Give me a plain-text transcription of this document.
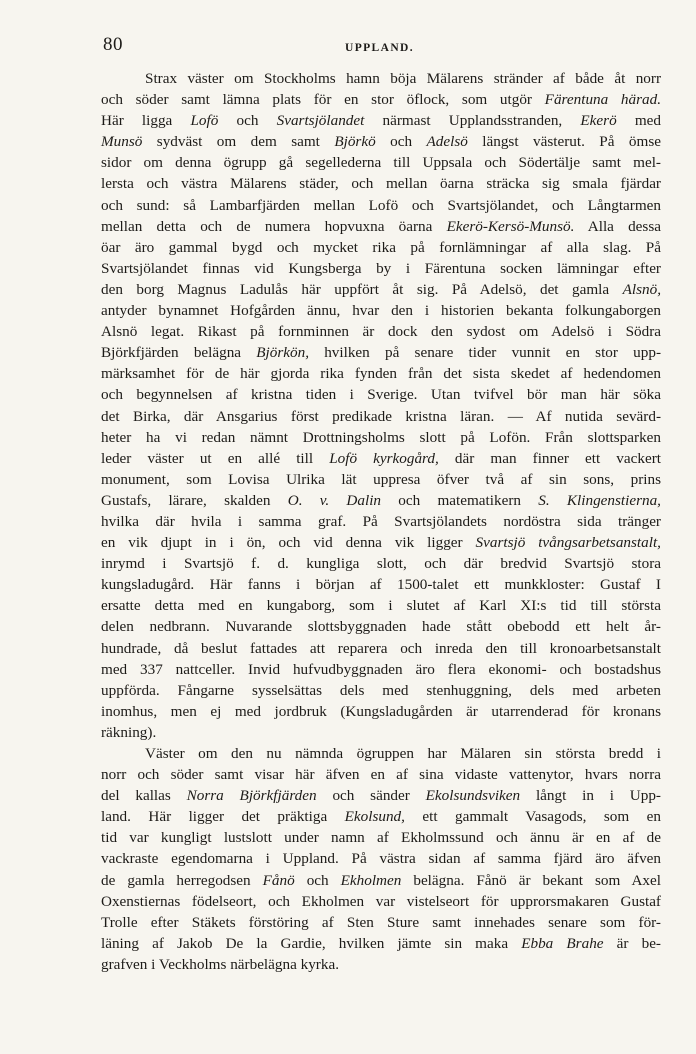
80	UPPLAND.
Strax väster om Stockholms hamn böja Mälarens stränder af både åt norr
och söder samt lämna plats för en stor öflock, som utgör Färentuna härad.
Här ligga Lofö och Svartsjölandet närmast Upplandsstranden, Ekerö med
Munsö sydväst om dem samt Björkö och Adelsö längst västerut. På ömse
sidor om denna ögrupp gå segellederna till Uppsala och Södertälje samt mel-
lersta och västra Mälarens städer, och mellan öarna sträcka sig smala fjärdar
och sund: så Lambarfjärden mellan Lofö och Svartsjölandet, och Långtarmen
mellan detta och de numera hopvuxna öarna Ekerö-Kersö-Munsö. Alla dessa
öar äro gammal bygd och mycket rika på fornlämningar af alla slag. På
Svartsjölandet finnas vid Kungsberga by i Färentuna socken lämningar efter
den borg Magnus Ladulås här uppfört åt sig. På Adelsö, det gamla Alsnö,
antyder bynamnet Hofgården ännu, hvar den i historien bekanta folkungaborgen
Alsnö legat. Rikast på fornminnen är dock den sydost om Adelsö i Södra
Björkfjärden belägna Björkön, hvilken på senare tider vunnit en stor upp-
märksamhet för de här gjorda rika fynden från det sista skedet af hedendomen
och begynnelsen af kristna tiden i Sverige. Utan tvifvel bör man här söka
det Birka, där Ansgarius först predikade kristna läran. — Af nutida sevärd-
heter ha vi redan nämnt Drottningsholms slott på Lofön. Från slottsparken
leder väster ut en allé till Lofö kyrkogård, där man finner ett vackert
monument, som Lovisa Ulrika lät uppresa öfver två af sin sons, prins
Gustafs, lärare, skalden O. v. Dalin och matematikern S. Klingenstierna,
hvilka där hvila i samma graf. På Svartsjölandets nordöstra sida tränger
en vik djupt in i ön, och vid denna vik ligger Svartsjö tvångsarbetsanstalt,
inrymd i Svartsjö f. d. kungliga slott, och där bredvid Svartsjö stora
kungsladugård. Här fanns i början af 1500-talet ett munkkloster: Gustaf I
ersatte detta med en kungaborg, som i slutet af Karl XI:s tid till största
delen nedbrann. Nuvarande slottsbyggnaden hade stått obebodd ett helt år-
hundrade, då beslut fattades att reparera och inreda den till kronoarbetsanstalt
med 337 nattceller. Invid hufvudbyggnaden äro flera ekonomi- och bostadshus
uppförda. Fångarne sysselsättas dels med stenhuggning, dels med arbeten
inomhus, men ej med jordbruk (Kungsladugården är utarrenderad för kronans
räkning).
Väster om den nu nämnda ögruppen har Mälaren sin största bredd i
norr och söder samt visar här äfven en af sina vidaste vattenytor, hvars norra
del kallas Norra Björkfjärden och sänder Ekolsundsviken långt in i Upp-
land. Här ligger det präktiga Ekolsund, ett gammalt Vasagods, som en
tid var kungligt lustslott under namn af Ekholmssund och ännu är en af de
vackraste egendomarna i Uppland. På västra sidan af samma fjärd äro äfven
de gamla herregodsen Fånö och Ekholmen belägna. Fånö är bekant som Axel
Oxenstiernas födelseort, och Ekholmen var vistelseort för upprorsmakaren Gustaf
Trolle efter Stäkets förstöring af Sten Sture samt innehades senare som för-
läning af Jakob De la Gardie, hvilken jämte sin maka Ebba Brahe är be-
grafven i Veckholms närbelägna kyrka.
